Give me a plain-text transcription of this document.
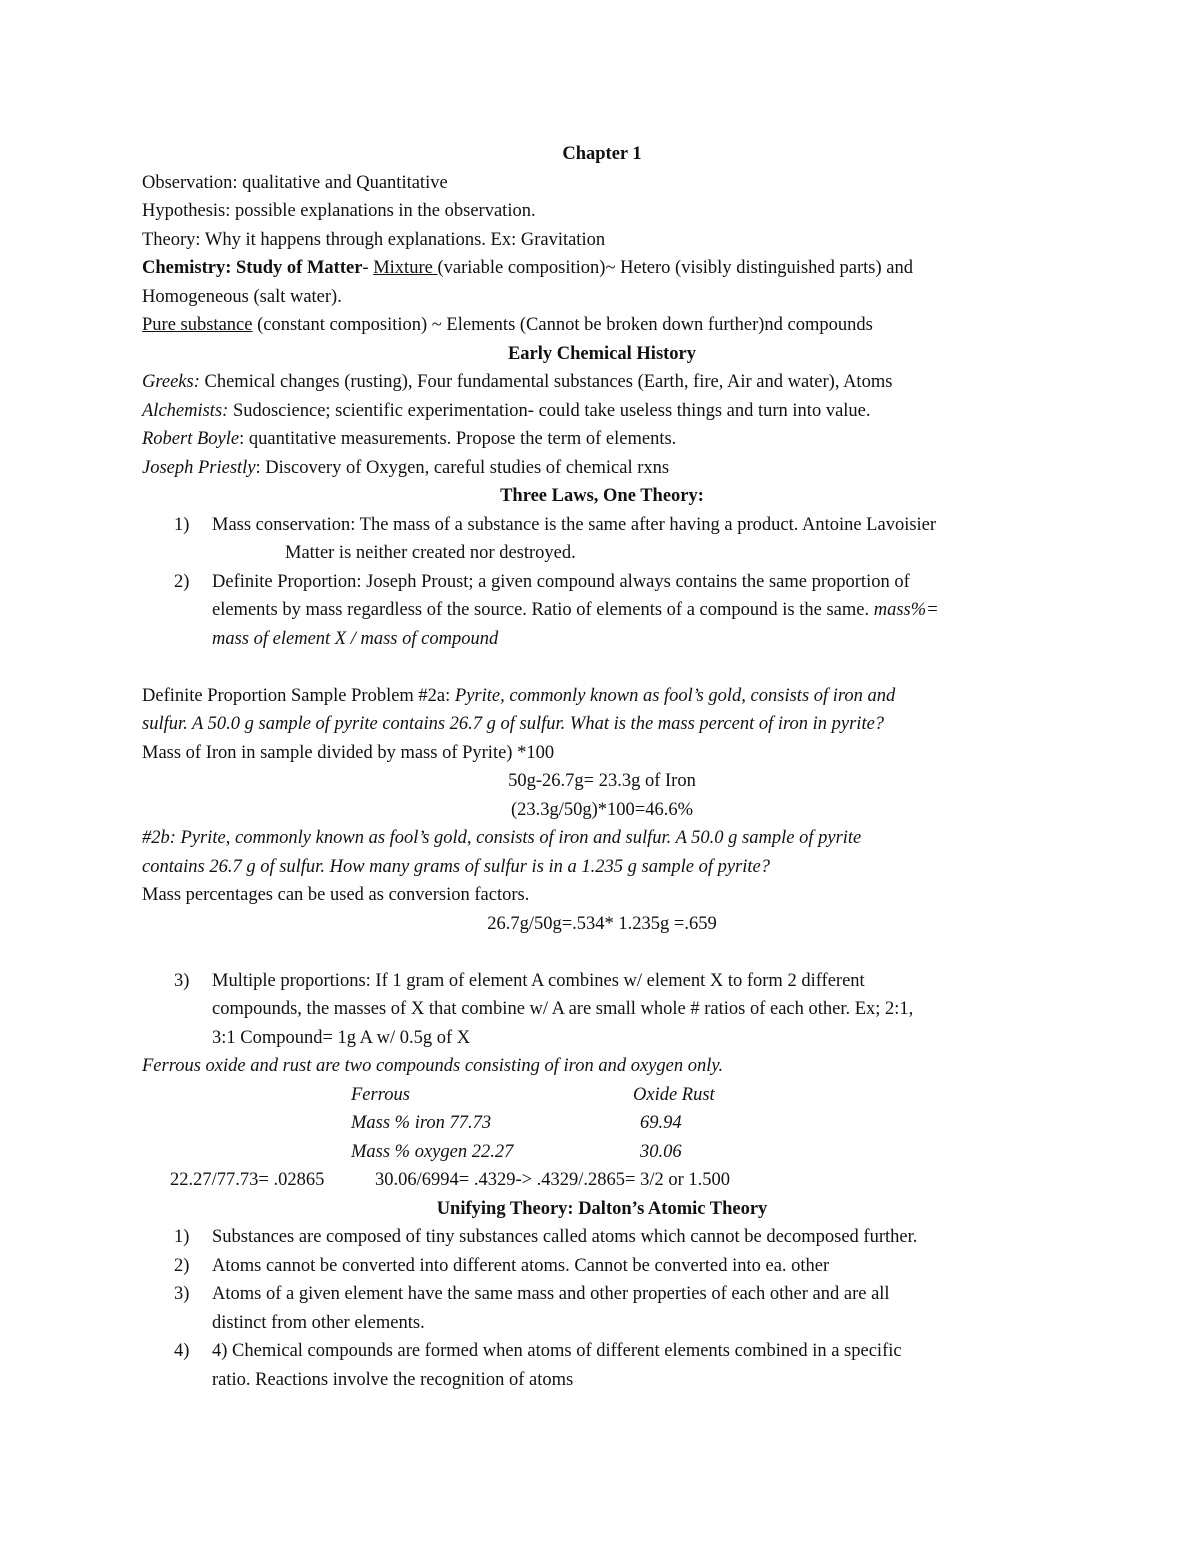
Chapter 1
Observation: qualitative and Quantitative
Hypothesis: possible explanations in the observation.
Theory: Why it happens through explanations. Ex: Gravitation
Chemistry: Study of Matter- Mixture (variable composition)~ Hetero (visibly distinguished parts) and
Homogeneous (salt water).
Pure substance (constant composition) ~ Elements (Cannot be broken down further)nd compounds
Early Chemical History
Greeks: Chemical changes (rusting), Four fundamental substances (Earth, fire, Air and water), Atoms
Alchemists: Sudoscience; scientific experimentation- could take useless things and turn into value.
Robert Boyle: quantitative measurements. Propose the term of elements.
Joseph Priestly: Discovery of Oxygen, careful studies of chemical rxns
Three Laws, One Theory:
1) Mass conservation: The mass of a substance is the same after having a product. Antoine Lavoisier
Matter is neither created nor destroyed.
2) Definite Proportion: Joseph Proust; a given compound always contains the same proportion of
elements by mass regardless of the source. Ratio of elements of a compound is the same. mass%=
mass of element X / mass of compound
Definite Proportion Sample Problem #2a: Pyrite, commonly known as fool’s gold, consists of iron and
sulfur. A 50.0 g sample of pyrite contains 26.7 g of sulfur. What is the mass percent of iron in pyrite?
Mass of Iron in sample divided by mass of Pyrite) *100
50g-26.7g= 23.3g of Iron
(23.3g/50g)*100=46.6%
#2b: Pyrite, commonly known as fool’s gold, consists of iron and sulfur. A 50.0 g sample of pyrite
contains 26.7 g of sulfur. How many grams of sulfur is in a 1.235 g sample of pyrite?
Mass percentages can be used as conversion factors.
26.7g/50g=.534* 1.235g =.659
3) Multiple proportions: If 1 gram of element A combines w/ element X to form 2 different
compounds, the masses of X that combine w/ A are small whole # ratios of each other. Ex; 2:1,
3:1 Compound= 1g A w/ 0.5g of X
Ferrous oxide and rust are two compounds consisting of iron and oxygen only.
Ferrous	Oxide Rust
Mass % iron 77.73	69.94
Mass % oxygen 22.27	30.06
22.27/77.73= .02865	30.06/6994= .4329-> .4329/.2865= 3/2 or 1.500
Unifying Theory: Dalton’s Atomic Theory
1) Substances are composed of tiny substances called atoms which cannot be decomposed further.
2) Atoms cannot be converted into different atoms. Cannot be converted into ea. other
3) Atoms of a given element have the same mass and other properties of each other and are all
distinct from other elements.
4) 4) Chemical compounds are formed when atoms of different elements combined in a specific
ratio. Reactions involve the recognition of atoms
